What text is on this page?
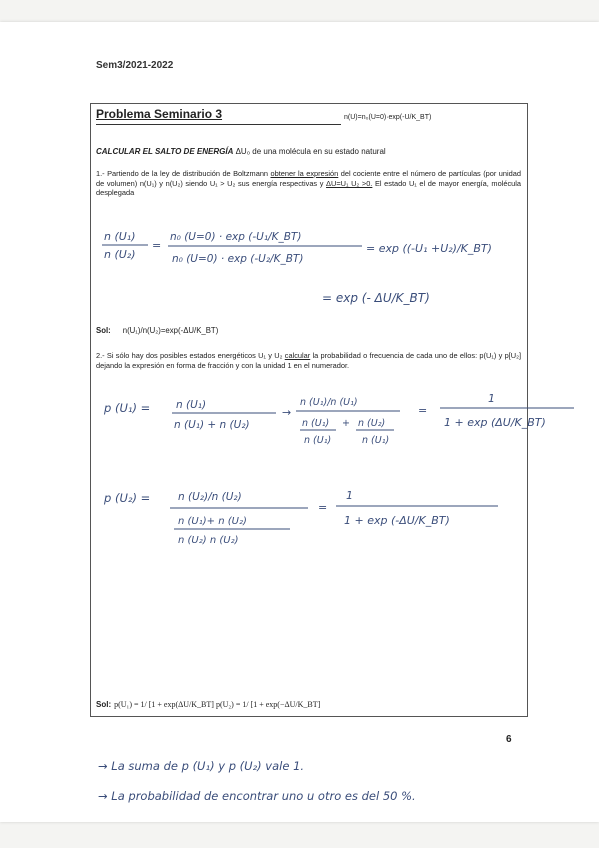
Sem3/2021-2022
Problema Seminario 3	n(U)=n₀(U=0)·exp(-U/K_BT)
CALCULAR EL SALTO DE ENERGÍA ΔU₀ de una molécula en su estado natural
1.- Partiendo de la ley de distribución de Boltzmann obtener la expresión del cociente entre el número de partículas (por unidad de volumen) n(U₁) y n(U₂) siendo U₁ > U₂ sus energía respectivas y ΔU=U₁ U₂ >0. El estado U₁ el de mayor energía, molécula desplegada
Sol: n(U₁)/n(U₂)=exp(-ΔU/K_BT)
2.- Si sólo hay dos posibles estados energéticos U₁ y U₂ calcular la probabilidad o frecuencia de cada uno de ellos: p(U₁) y p[U₂] dejando la expresión en forma de fracción y con la unidad 1 en el numerador.
Sol: p(U₁) = 1/ [1 + exp(ΔU/K_BT] p(U₂) = 1/ [1 + exp(−ΔU/K_BT]
n (U₁)
n (U₂)
=
n₀ (U=0) · exp (-U₁/K_BT)
n₀ (U=0) · exp (-U₂/K_BT)
= exp ((-U₁ +U₂)/K_BT)
= exp (- ΔU/K_BT)
p (U₁) = n (U₁)
n (U₁) + n (U₂)
→
n (U₁)/n (U₁)
n (U₁) + n (U₂)
n (U₁)	n (U₁)
=
1
1 + exp (ΔU/K_BT)
p (U₂) =	n (U₂)/n (U₂)
n (U₁)+ n (U₂)
n (U₂) n (U₂)
=
1
1 + exp (-ΔU/K_BT)
→ La suma de p (U₁) y p (U₂) vale 1.
→ La probabilidad de encontrar uno u otro es del 50 %.
6
